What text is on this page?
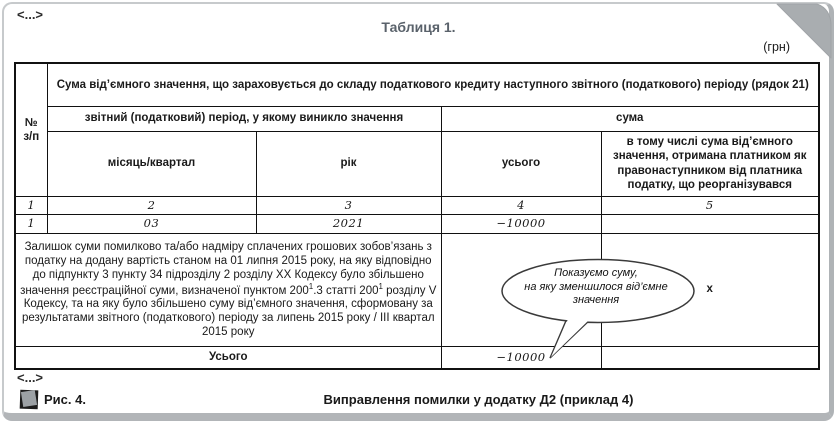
<...>
Таблиця 1.
(грн)
№ з/п	Сума від’ємного значення, що зараховується до складу податкового кредиту наступного звітного (податкового) періоду (рядок 21)			
	звітний (податковий) період, у якому виникло значення		сума	
	місяць/квартал	рік	усього	в тому числі сума від’ємного значення, отримана платником як правонаступником від платника податку, що реорганізувався
1	2	3	4	5
1	03	2021	−10000	
Залишок суми помилково та/або надміру сплачених грошових зобов’язань з податку на додану вартість станом на 01 липня 2015 року, на яку відповідно до підпункту 3 пункту 34 підрозділу 2 розділу ХХ Кодексу було збільшено значення реєстраційної суми, визначеної пунктом $200^1.3$ статті $200^1$ розділу V Кодексу, та на яку було збільшено суму від’ємного значення, сформовану за результатами звітного (податкового) періоду за липень 2015 року / III квартал 2015 року				х
Усього			−10000	
Показуємо суму,
на яку зменшилося від’ємне
значення
<...>
Рис. 4.	Виправлення помилки у додатку Д2 (приклад 4)
